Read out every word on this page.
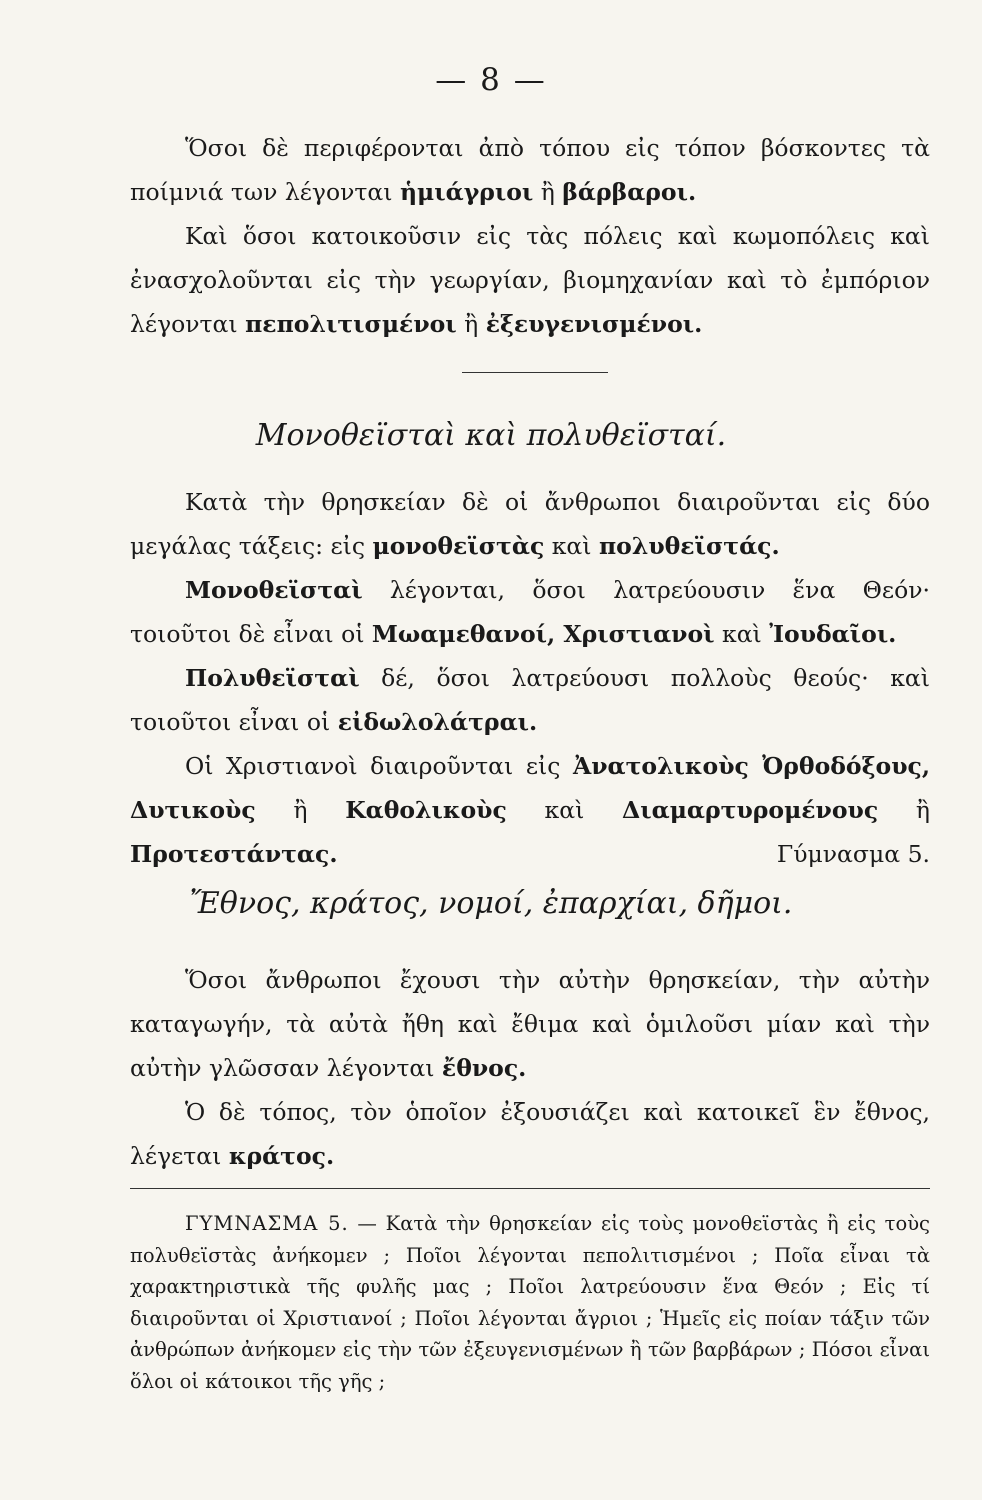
— 8 —

Ὅσοι δὲ περιφέρονται ἀπὸ τόπου εἰς τόπον βόσκοντες τὰ ποίμνιά των λέγονται ἡμιάγριοι ἢ βάρβαροι.

Καὶ ὅσοι κατοικοῦσιν εἰς τὰς πόλεις καὶ κωμοπόλεις καὶ ἐνασχολοῦνται εἰς τὴν γεωργίαν, βιομηχανίαν καὶ τὸ ἐμπόριον λέγονται πεπολιτισμένοι ἢ ἐξευγενισμένοι.

Μονοθεϊσταὶ καὶ πολυθεϊσταί.

Κατὰ τὴν θρησκείαν δὲ οἱ ἄνθρωποι διαιροῦνται εἰς δύο μεγάλας τάξεις: εἰς μονοθεϊστὰς καὶ πολυθεϊστάς.

Μονοθεϊσταὶ λέγονται, ὅσοι λατρεύουσιν ἕνα Θεόν· τοιοῦτοι δὲ εἶναι οἱ Μωαμεθανοί, Χριστιανοὶ καὶ Ἰουδαῖοι.

Πολυθεϊσταὶ δέ, ὅσοι λατρεύουσι πολλοὺς θεούς· καὶ τοιοῦτοι εἶναι οἱ εἰδωλολάτραι.

Οἱ Χριστιανοὶ διαιροῦνται εἰς Ἀνατολικοὺς Ὀρθοδόξους, Δυτικοὺς ἢ Καθολικοὺς καὶ Διαμαρτυρομένους ἢ Προτεστάντας.	Γύμνασμα 5.

Ἔθνος, κράτος, νομοί, ἐπαρχίαι, δῆμοι.

Ὅσοι ἄνθρωποι ἔχουσι τὴν αὐτὴν θρησκείαν, τὴν αὐτὴν καταγωγήν, τὰ αὐτὰ ἤθη καὶ ἔθιμα καὶ ὁμιλοῦσι μίαν καὶ τὴν αὐτὴν γλῶσσαν λέγονται ἔθνος.

Ὁ δὲ τόπος, τὸν ὁποῖον ἐξουσιάζει καὶ κατοικεῖ ἓν ἔθνος, λέγεται κράτος.

ΓΥΜΝΑΣΜΑ 5. — Κατὰ τὴν θρησκείαν εἰς τοὺς μονοθεϊστὰς ἢ εἰς τοὺς πολυθεϊστὰς ἀνήκομεν ; Ποῖοι λέγονται πεπολιτισμένοι ; Ποῖα εἶναι τὰ χαρακτηριστικὰ τῆς φυλῆς μας ; Ποῖοι λατρεύουσιν ἕνα Θεόν ; Εἰς τί διαιροῦνται οἱ Χριστιανοί ; Ποῖοι λέγονται ἄγριοι ; Ἡμεῖς εἰς ποίαν τάξιν τῶν ἀνθρώπων ἀνήκομεν εἰς τὴν τῶν ἐξευγενισμένων ἢ τῶν βαρβάρων ; Πόσοι εἶναι ὅλοι οἱ κάτοικοι τῆς γῆς ;
